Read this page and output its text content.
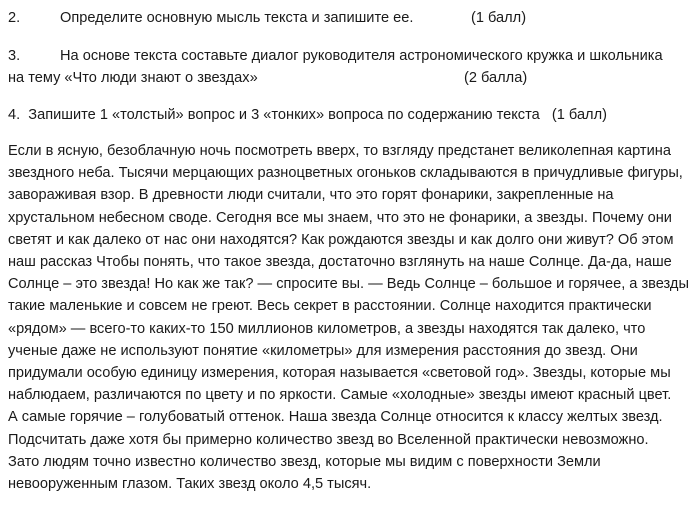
2.	Определите основную мысль текста и запишите ее.	(1 балл)
3.	На основе текста составьте диалог руководителя астрономического кружка и школьника
на тему «Что люди знают о звездах»	(2 балла)
4. Запишите 1 «толстый» вопрос и 3 «тонких» вопроса по содержанию текста (1 балл)
Если в ясную, безоблачную ночь посмотреть вверх, то взгляду предстанет великолепная картина
звездного неба. Тысячи мерцающих разноцветных огоньков складываются в причудливые фигуры,
завораживая взор. В древности люди считали, что это горят фонарики, закрепленные на
хрустальном небесном своде. Сегодня все мы знаем, что это не фонарики, а звезды. Почему они
светят и как далеко от нас они находятся? Как рождаются звезды и как долго они живут? Об этом
наш рассказ Чтобы понять, что такое звезда, достаточно взглянуть на наше Солнце. Да-да, наше
Солнце – это звезда! Но как же так? — спросите вы. — Ведь Солнце – большое и горячее, а звезды
такие маленькие и совсем не греют. Весь секрет в расстоянии. Солнце находится практически
«рядом» — всего-то каких-то 150 миллионов километров, а звезды находятся так далеко, что
ученые даже не используют понятие «километры» для измерения расстояния до звезд. Они
придумали особую единицу измерения, которая называется «световой год». Звезды, которые мы
наблюдаем, различаются по цвету и по яркости. Самые «холодные» звезды имеют красный цвет.
А самые горячие – голубоватый оттенок. Наша звезда Солнце относится к классу желтых звезд.
Подсчитать даже хотя бы примерно количество звезд во Вселенной практически невозможно.
Зато людям точно известно количество звезд, которые мы видим с поверхности Земли
невооруженным глазом. Таких звезд около 4,5 тысяч.
